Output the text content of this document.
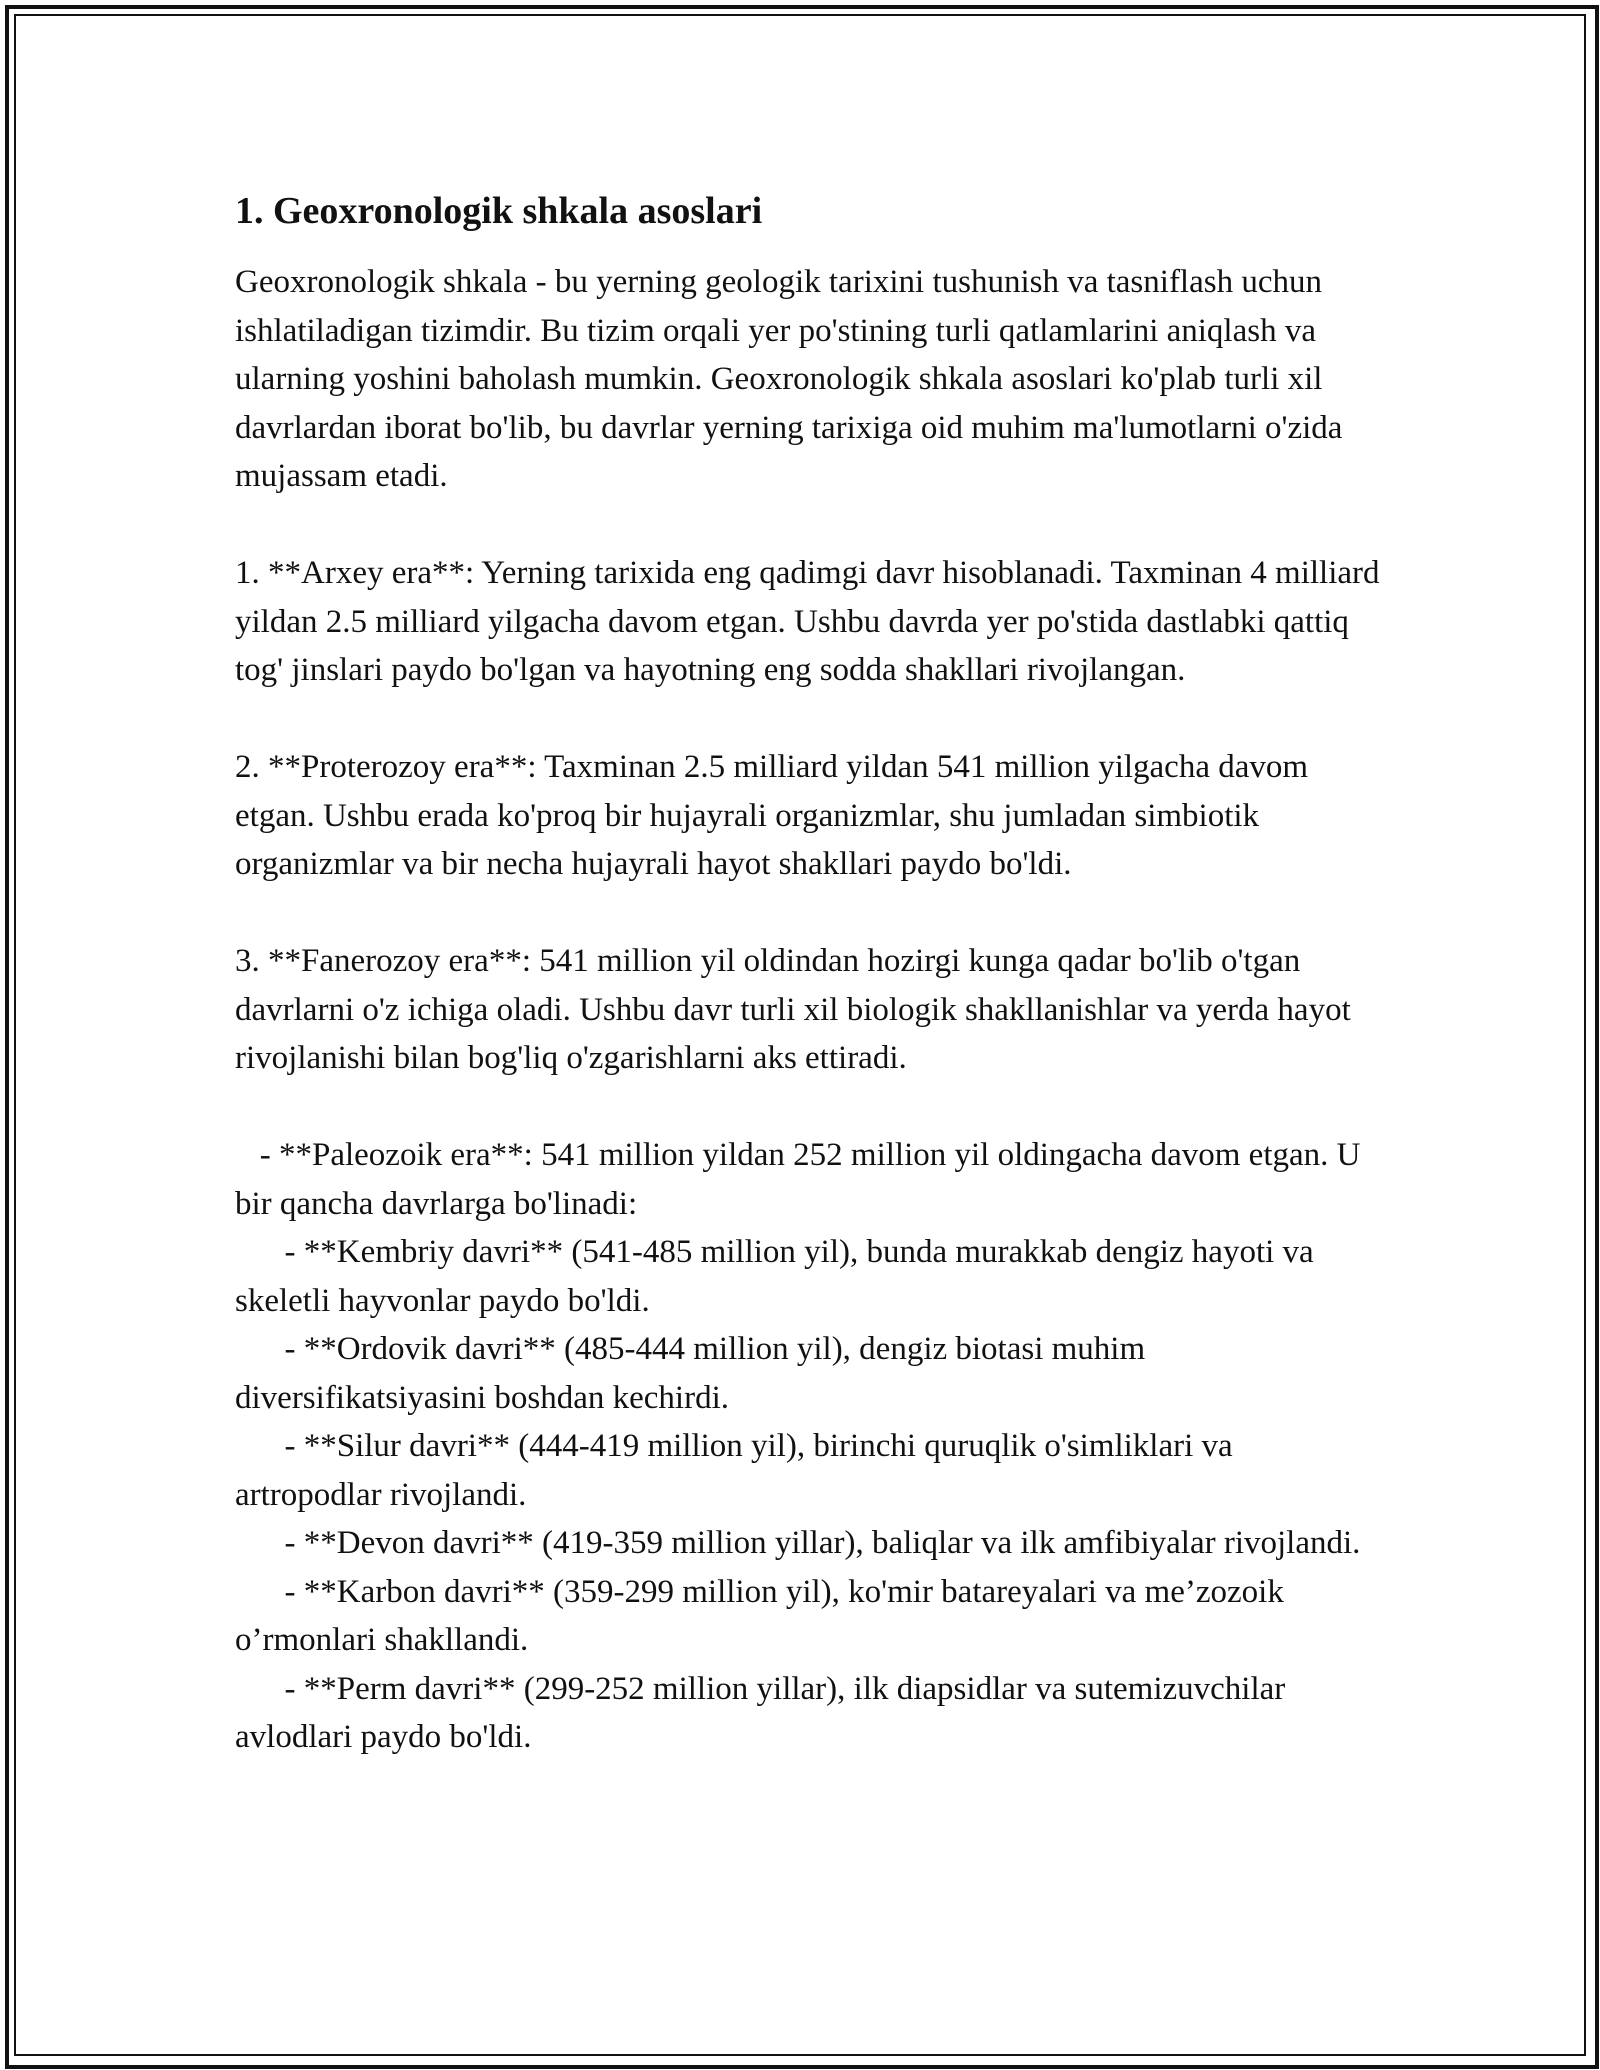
1. Geoxronologik shkala asoslari

Geoxronologik shkala - bu yerning geologik tarixini tushunish va tasniflash uchun ishlatiladigan tizimdir. Bu tizim orqali yer po'stining turli qatlamlarini aniqlash va ularning yoshini baholash mumkin. Geoxronologik shkala asoslari ko'plab turli xil davrlardan iborat bo'lib, bu davrlar yerning tarixiga oid muhim ma'lumotlarni o'zida mujassam etadi.

1. **Arxey era**: Yerning tarixida eng qadimgi davr hisoblanadi. Taxminan 4 milliard yildan 2.5 milliard yilgacha davom etgan. Ushbu davrda yer po'stida dastlabki qattiq tog' jinslari paydo bo'lgan va hayotning eng sodda shakllari rivojlangan.

2. **Proterozoy era**: Taxminan 2.5 milliard yildan 541 million yilgacha davom etgan. Ushbu erada ko'proq bir hujayrali organizmlar, shu jumladan simbiotik organizmlar va bir necha hujayrali hayot shakllari paydo bo'ldi.

3. **Fanerozoy era**: 541 million yil oldindan hozirgi kunga qadar bo'lib o'tgan davrlarni o'z ichiga oladi. Ushbu davr turli xil biologik shakllanishlar va yerda hayot rivojlanishi bilan bog'liq o'zgarishlarni aks ettiradi.

- **Paleozoik era**: 541 million yildan 252 million yil oldingacha davom etgan. U bir qancha davrlarga bo'linadi:

- **Kembriy davri** (541-485 million yil), bunda murakkab dengiz hayoti va skeletli hayvonlar paydo bo'ldi.

- **Ordovik davri** (485-444 million yil), dengiz biotasi muhim diversifikatsiyasini boshdan kechirdi.

- **Silur davri** (444-419 million yil), birinchi quruqlik o'simliklari va artropodlar rivojlandi.

- **Devon davri** (419-359 million yillar), baliqlar va ilk amfibiyalar rivojlandi.

- **Karbon davri** (359-299 million yil), ko'mir batareyalari va me’zozoik o’rmonlari shakllandi.

- **Perm davri** (299-252 million yillar), ilk diapsidlar va sutemizuvchilar avlodlari paydo bo'ldi.
